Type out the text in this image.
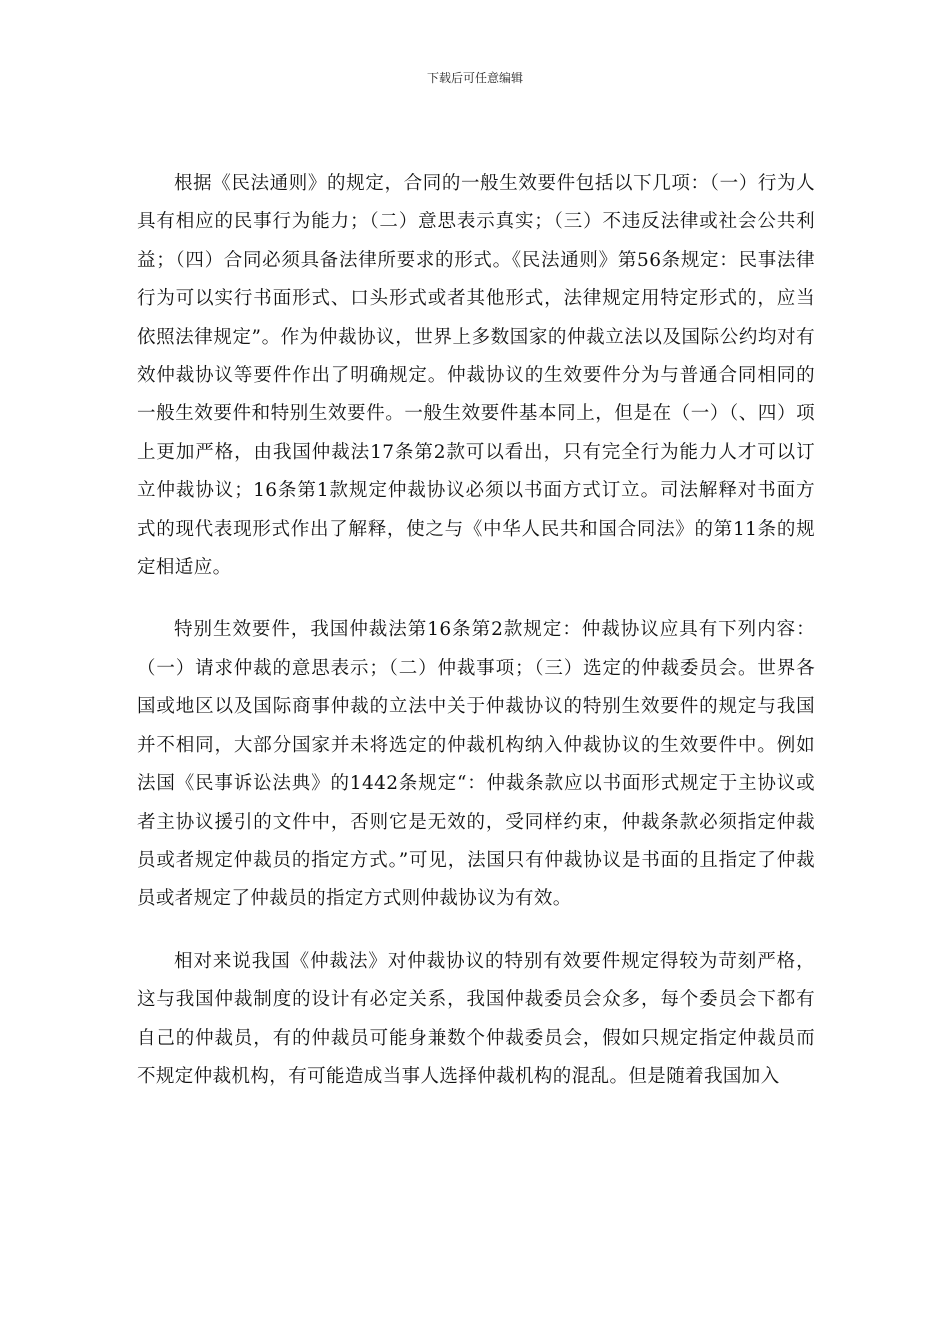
下载后可任意编辑

根据《民法通则》的规定，合同的一般生效要件包括以下几项：（一）行为人具有相应的民事行为能力；（二）意思表示真实；（三）不违反法律或社会公共利益；（四）合同必须具备法律所要求的形式。《民法通则》第56条规定：民事法律行为可以实行书面形式、口头形式或者其他形式，法律规定用特定形式的，应当依照法律规定”。作为仲裁协议，世界上多数国家的仲裁立法以及国际公约均对有效仲裁协议等要件作出了明确规定。仲裁协议的生效要件分为与普通合同相同的一般生效要件和特别生效要件。一般生效要件基本同上，但是在（一）（、四）项上更加严格，由我国仲裁法17条第2款可以看出，只有完全行为能力人才可以订立仲裁协议；16条第1款规定仲裁协议必须以书面方式订立。司法解释对书面方式的现代表现形式作出了解释，使之与《中华人民共和国合同法》的第11条的规定相适应。

特别生效要件，我国仲裁法第16条第2款规定：仲裁协议应具有下列内容：（一）请求仲裁的意思表示；（二）仲裁事项；（三）选定的仲裁委员会。世界各国或地区以及国际商事仲裁的立法中关于仲裁协议的特别生效要件的规定与我国并不相同，大部分国家并未将选定的仲裁机构纳入仲裁协议的生效要件中。例如法国《民事诉讼法典》的1442条规定“：仲裁条款应以书面形式规定于主协议或者主协议援引的文件中，否则它是无效的，受同样约束，仲裁条款必须指定仲裁员或者规定仲裁员的指定方式。”可见，法国只有仲裁协议是书面的且指定了仲裁员或者规定了仲裁员的指定方式则仲裁协议为有效。

相对来说我国《仲裁法》对仲裁协议的特别有效要件规定得较为苛刻严格，这与我国仲裁制度的设计有必定关系，我国仲裁委员会众多，每个委员会下都有自己的仲裁员，有的仲裁员可能身兼数个仲裁委员会，假如只规定指定仲裁员而不规定仲裁机构，有可能造成当事人选择仲裁机构的混乱。但是随着我国加入
